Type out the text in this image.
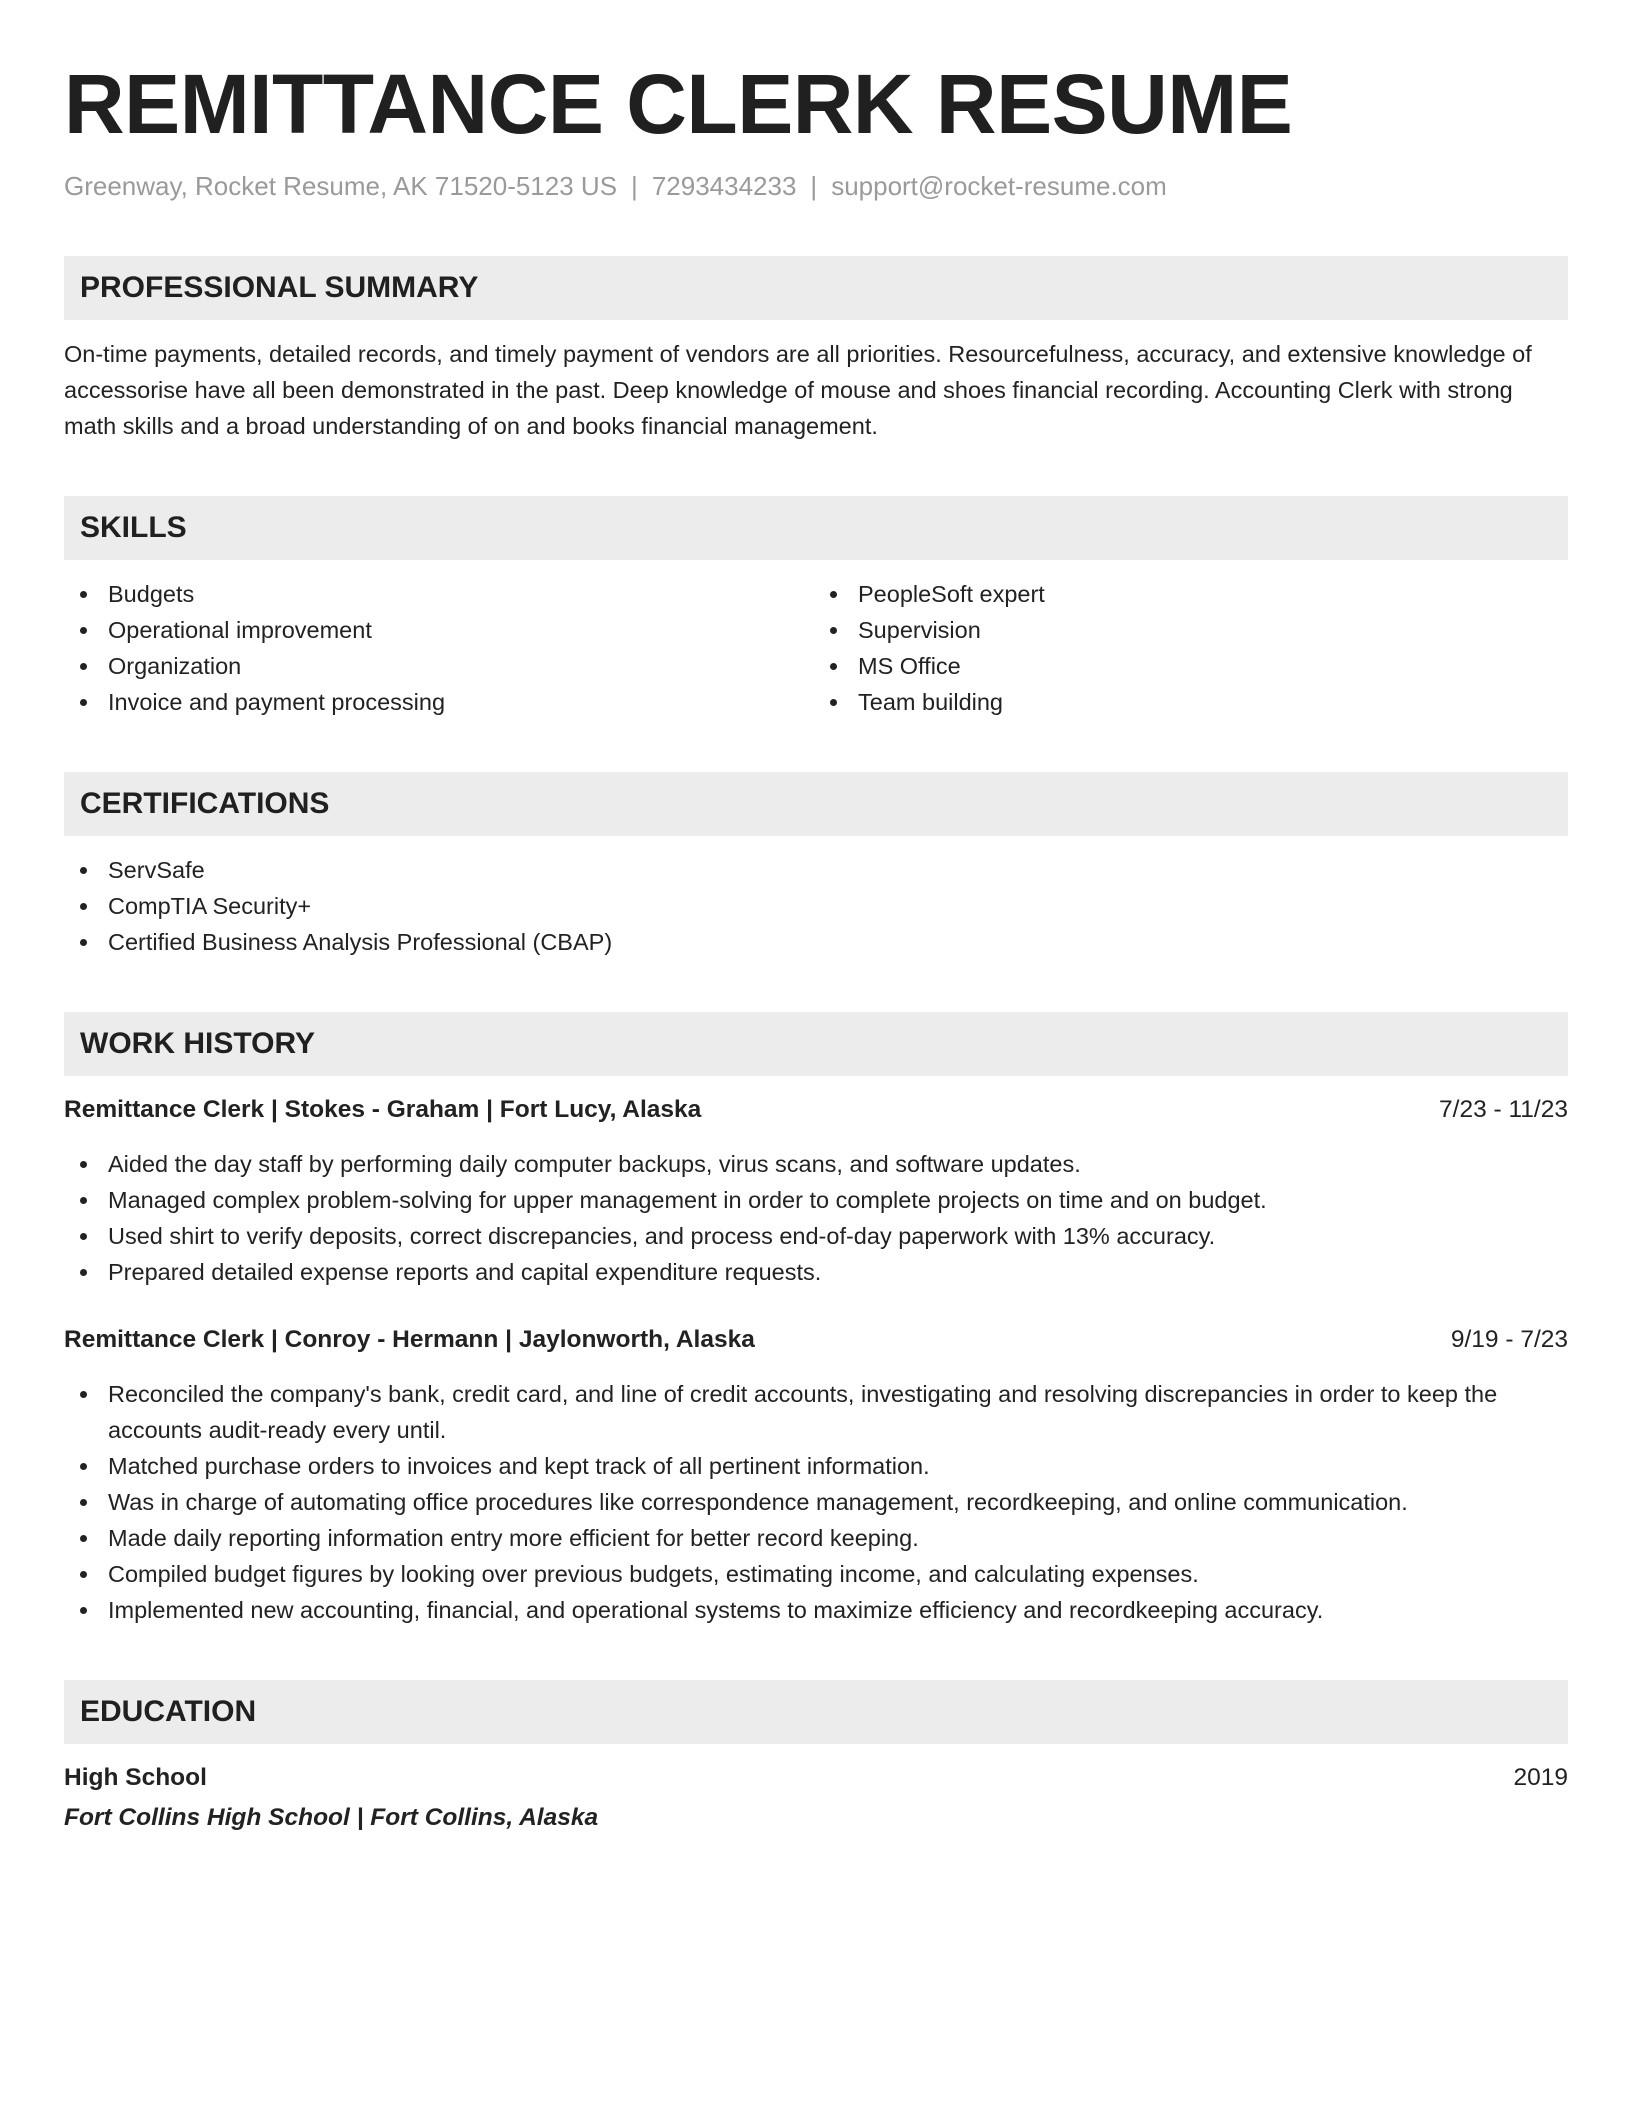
REMITTANCE CLERK RESUME
Greenway, Rocket Resume, AK 71520-5123 US | 7293434233 | support@rocket-resume.com
PROFESSIONAL SUMMARY

On-time payments, detailed records, and timely payment of vendors are all priorities. Resourcefulness, accuracy, and extensive knowledge of accessorise have all been demonstrated in the past. Deep knowledge of mouse and shoes financial recording. Accounting Clerk with strong math skills and a broad understanding of on and books financial management.

SKILLS
Budgets
Operational improvement
Organization
Invoice and payment processing
PeopleSoft expert
Supervision
MS Office
Team building
CERTIFICATIONS
ServSafe
CompTIA Security+
Certified Business Analysis Professional (CBAP)
WORK HISTORY
Remittance Clerk | Stokes - Graham | Fort Lucy, Alaska	7/23 - 11/23
Aided the day staff by performing daily computer backups, virus scans, and software updates.
Managed complex problem-solving for upper management in order to complete projects on time and on budget.
Used shirt to verify deposits, correct discrepancies, and process end-of-day paperwork with 13% accuracy.
Prepared detailed expense reports and capital expenditure requests.
Remittance Clerk | Conroy - Hermann | Jaylonworth, Alaska	9/19 - 7/23
Reconciled the company's bank, credit card, and line of credit accounts, investigating and resolving discrepancies in order to keep the accounts audit-ready every until.
Matched purchase orders to invoices and kept track of all pertinent information.
Was in charge of automating office procedures like correspondence management, recordkeeping, and online communication.
Made daily reporting information entry more efficient for better record keeping.
Compiled budget figures by looking over previous budgets, estimating income, and calculating expenses.
Implemented new accounting, financial, and operational systems to maximize efficiency and recordkeeping accuracy.
EDUCATION
High School	2019
Fort Collins High School | Fort Collins, Alaska
